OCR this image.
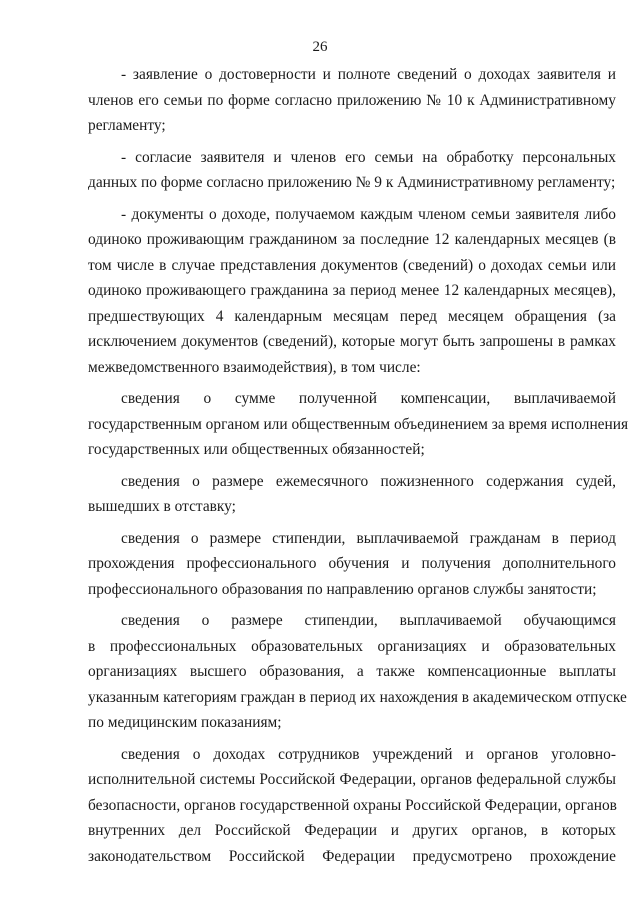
26
- заявление о достоверности и полноте сведений о доходах заявителя и
членов его семьи по форме согласно приложению № 10 к Административному
регламенту;
- согласие заявителя и членов его семьи на обработку персональных
данных по форме согласно приложению № 9 к Административному регламенту;
- документы о доходе, получаемом каждым членом семьи заявителя либо
одиноко проживающим гражданином за последние 12 календарных месяцев (в
том числе в случае представления документов (сведений) о доходах семьи или
одиноко проживающего гражданина за период менее 12 календарных месяцев),
предшествующих 4 календарным месяцам перед месяцем обращения (за
исключением документов (сведений), которые могут быть запрошены в рамках
межведомственного взаимодействия), в том числе:
сведения о сумме полученной компенсации, выплачиваемой
государственным органом или общественным объединением за время исполнения
государственных или общественных обязанностей;
сведения о размере ежемесячного пожизненного содержания судей,
вышедших в отставку;
сведения о размере стипендии, выплачиваемой гражданам в период
прохождения профессионального обучения и получения дополнительного
профессионального образования по направлению органов службы занятости;
сведения о размере стипендии, выплачиваемой обучающимся
в профессиональных образовательных организациях и образовательных
организациях высшего образования, а также компенсационные выплаты
указанным категориям граждан в период их нахождения в академическом отпуске
по медицинским показаниям;
сведения о доходах сотрудников учреждений и органов уголовно-
исполнительной системы Российской Федерации, органов федеральной службы
безопасности, органов государственной охраны Российской Федерации, органов
внутренних дел Российской Федерации и других органов, в которых
законодательством Российской Федерации предусмотрено прохождение
